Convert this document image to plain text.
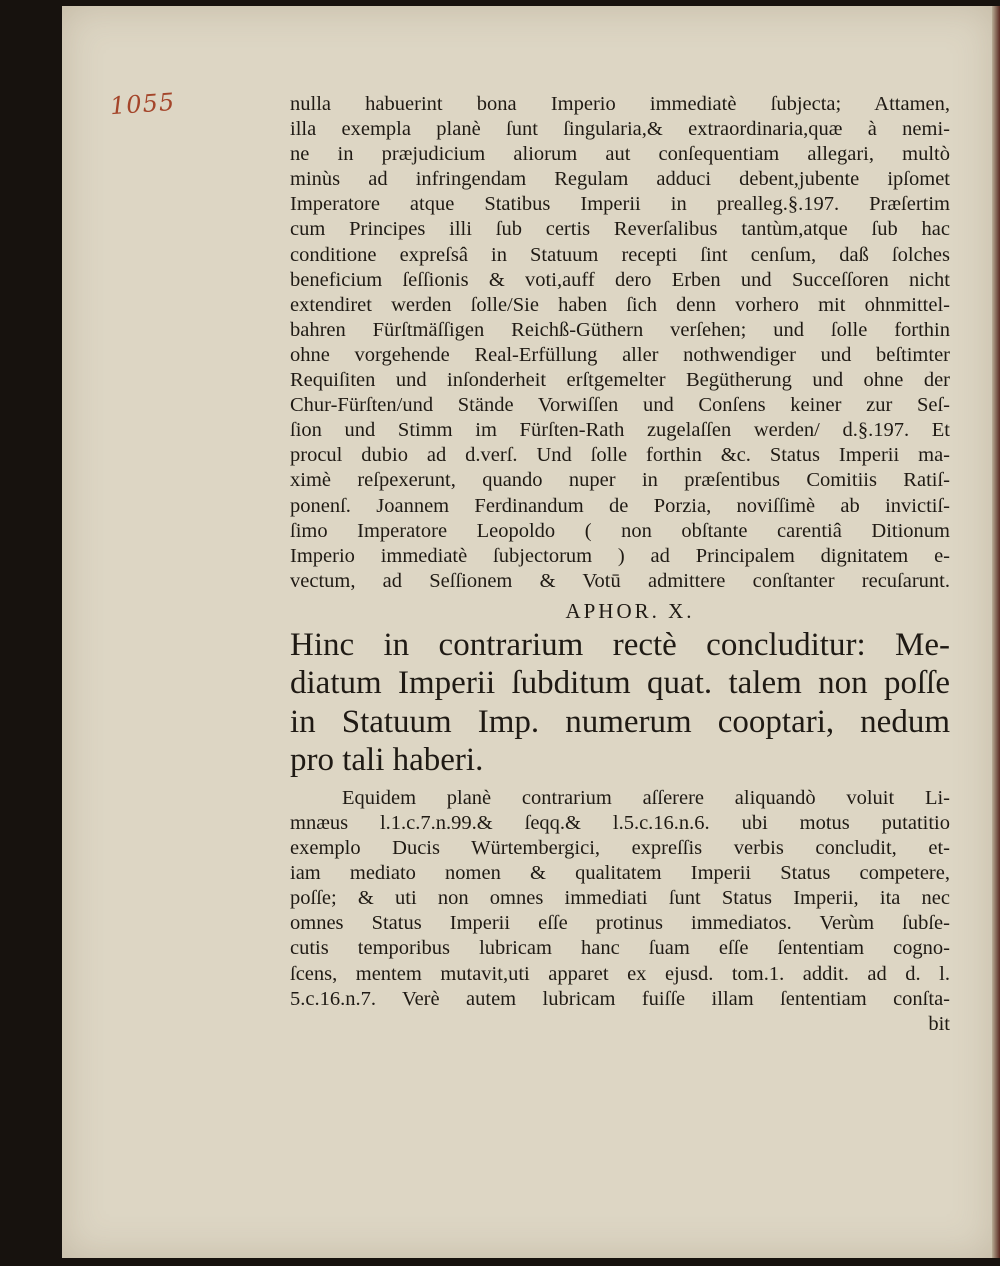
1055	nulla habuerint bona Imperio immediatè ſubjecta; Attamen,
illa exempla planè ſunt ſingularia,& extraordinaria,quæ à nemi-
ne in præjudicium aliorum aut conſequentiam allegari, multò
minùs ad infringendam Regulam adduci debent,jubente ipſomet
Imperatore atque Statibus Imperii in prealleg.§.197. Præſertim
cum Principes illi ſub certis Reverſalibus tantùm,atque ſub hac
conditione expreſsâ in Statuum recepti ſint cenſum, daß ſolches
beneficium ſeſſionis & voti,auff dero Erben und Succeſſoren nicht
extendiret werden ſolle/Sie haben ſich denn vorhero mit ohnmittel-
bahren Fürſtmäſſigen Reichß-Güthern verſehen; und ſolle forthin
ohne vorgehende Real-Erfüllung aller nothwendiger und beſtimter
Requiſiten und inſonderheit erſtgemelter Begütherung und ohne der
Chur-Fürſten/und Stände Vorwiſſen und Conſens keiner zur Seſ-
ſion und Stimm im Fürſten-Rath zugelaſſen werden/ d.§.197. Et
procul dubio ad d.verſ. Und ſolle forthin &c. Status Imperii ma-
ximè reſpexerunt, quando nuper in præſentibus Comitiis Ratiſ-
ponenſ. Joannem Ferdinandum de Porzia, noviſſimè ab invictiſ-
ſimo Imperatore Leopoldo ( non obſtante carentiâ Ditionum
Imperio immediatè ſubjectorum ) ad Principalem dignitatem e-
vectum, ad Seſſionem & Votū admittere conſtanter recuſarunt.
APHOR. X.
Hinc in contrarium rectè concluditur: Me-
diatum Imperii ſubditum quat. talem non poſſe
in Statuum Imp. numerum cooptari, nedum
pro tali haberi.
Equidem planè contrarium aſſerere aliquandò voluit Li-
mnæus l.1.c.7.n.99.& ſeqq.& l.5.c.16.n.6. ubi motus putatitio
exemplo Ducis Würtembergici, expreſſis verbis concludit, et-
iam mediato nomen & qualitatem Imperii Status competere,
poſſe; & uti non omnes immediati ſunt Status Imperii, ita nec
omnes Status Imperii eſſe protinus immediatos. Verùm ſubſe-
cutis temporibus lubricam hanc ſuam eſſe ſententiam cogno-
ſcens, mentem mutavit,uti apparet ex ejusd. tom.1. addit. ad d. l.
5.c.16.n.7. Verè autem lubricam fuiſſe illam ſententiam conſta-
bit
